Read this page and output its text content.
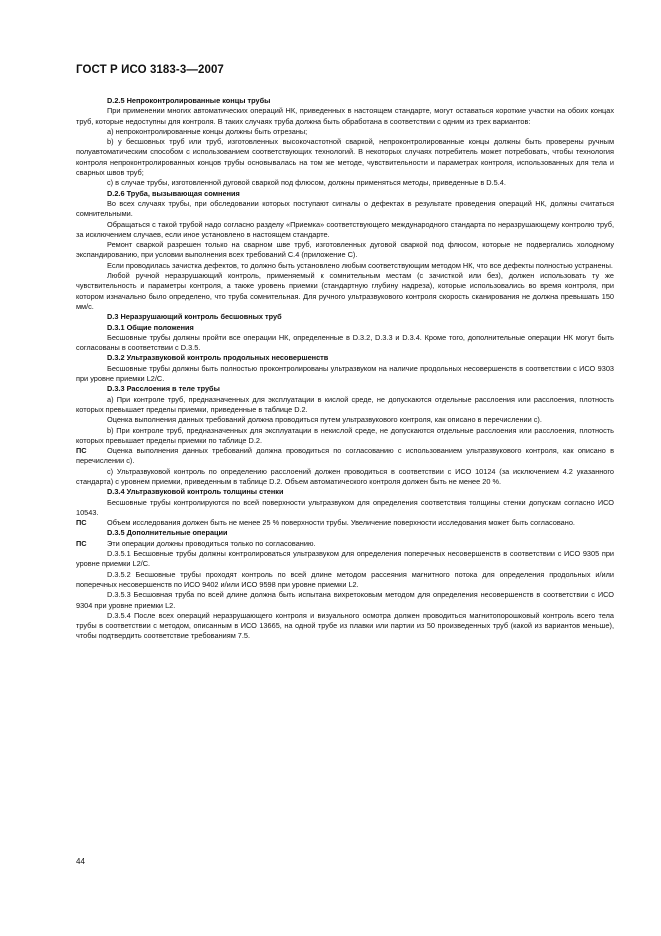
ГОСТ Р ИСО 3183-3—2007

D.2.5 Непроконтролированные концы трубы

При применении многих автоматических операций НК, приведенных в настоящем стандарте, могут оставаться короткие участки на обоих концах труб, которые недоступны для контроля. В таких случаях труба должна быть обработана в соответствии с одним из трех вариантов:

а) непроконтролированные концы должны быть отрезаны;

b) у бесшовных труб или труб, изготовленных высокочастотной сваркой, непроконтролированные концы должны быть проверены ручным полуавтоматическим способом с использованием соответствующих технологий. В некоторых случаях потребитель может потребовать, чтобы технология контроля непроконтролированных концов трубы основывалась на том же методе, чувствительности и параметрах контроля, использованных для тела и сварных швов труб;

с) в случае трубы, изготовленной дуговой сваркой под флюсом, должны применяться методы, приведенные в D.5.4.

D.2.6 Труба, вызывающая сомнения

Во всех случаях трубы, при обследовании которых поступают сигналы о дефектах в результате проведения операций НК, должны считаться сомнительными.

Обращаться с такой трубой надо согласно разделу «Приемка» соответствующего международного стандарта по неразрушающему контролю труб, за исключением случаев, если иное установлено в настоящем стандарте.

Ремонт сваркой разрешен только на сварном шве труб, изготовленных дуговой сваркой под флюсом, которые не подвергались холодному экспандированию, при условии выполнения всех требований С.4 (приложение С).

Если проводилась зачистка дефектов, то должно быть установлено любым соответствующим методом НК, что все дефекты полностью устранены.

Любой ручной неразрушающий контроль, применяемый к сомнительным местам (с зачисткой или без), должен использовать ту же чувствительность и параметры контроля, а также уровень приемки (стандартную глубину надреза), которые использовались во время контроля, при котором изначально было определено, что труба сомнительная. Для ручного ультразвукового контроля скорость сканирования не должна превышать 150 мм/с.

D.3 Неразрушающий контроль бесшовных труб

D.3.1 Общие положения

Бесшовные трубы должны пройти все операции НК, определенные в D.3.2, D.3.3 и D.3.4. Кроме того, дополнительные операции НК могут быть согласованы в соответствии с D.3.5.

D.3.2 Ультразвуковой контроль продольных несовершенств

Бесшовные трубы должны быть полностью проконтролированы ультразвуком на наличие продольных несовершенств в соответствии с ИСО 9303 при уровне приемки L2/C.

D.3.3 Расслоения в теле трубы

а) При контроле труб, предназначенных для эксплуатации в кислой среде, не допускаются отдельные расслоения или расслоения, плотность которых превышает пределы приемки, приведенные в таблице D.2.

Оценка выполнения данных требований должна проводиться путем ультразвукового контроля, как описано в перечислении с).

b) При контроле труб, предназначенных для эксплуатации в некислой среде, не допускаются отдельные расслоения или расслоения, плотность которых превышает пределы приемки по таблице D.2.

ПС	Оценка выполнения данных требований должна проводиться по согласованию с использованием ультразвукового контроля, как описано в перечислении с).

с) Ультразвуковой контроль по определению расслоений должен проводиться в соответствии с ИСО 10124 (за исключением 4.2 указанного стандарта) с уровнем приемки, приведенным в таблице D.2. Объем автоматического контроля должен быть не менее 20 %.

D.3.4 Ультразвуковой контроль толщины стенки

Бесшовные трубы контролируются по всей поверхности ультразвуком для определения соответствия толщины стенки допускам согласно ИСО 10543.

ПС	Объем исследования должен быть не менее 25 % поверхности трубы. Увеличение поверхности исследования может быть согласовано.

D.3.5 Дополнительные операции

ПС	Эти операции должны проводиться только по согласованию.

D.3.5.1 Бесшовные трубы должны контролироваться ультразвуком для определения поперечных несовершенств в соответствии с ИСО 9305 при уровне приемки L2/C.

D.3.5.2 Бесшовные трубы проходят контроль по всей длине методом рассеяния магнитного потока для определения продольных и/или поперечных несовершенств по ИСО 9402 и/или ИСО 9598 при уровне приемки L2.

D.3.5.3 Бесшовная труба по всей длине должна быть испытана вихретоковым методом для определения несовершенств в соответствии с ИСО 9304 при уровне приемки L2.

D.3.5.4 После всех операций неразрушающего контроля и визуального осмотра должен проводиться магнитопорошковый контроль всего тела трубы в соответствии с методом, описанным в ИСО 13665, на одной трубе из плавки или партии из 50 произведенных труб (какой из вариантов меньше), чтобы подтвердить соответствие требованиям 7.5.

44
